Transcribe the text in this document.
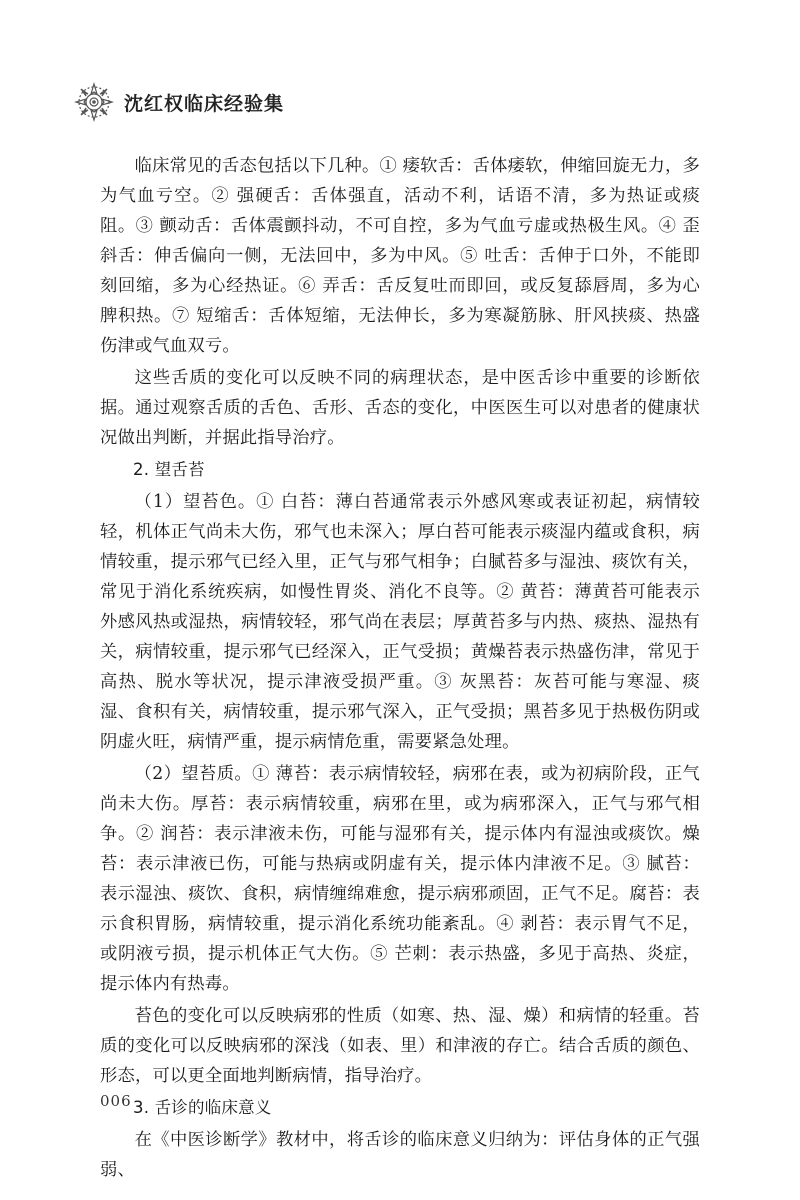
沈红权临床经验集

临床常见的舌态包括以下几种。① 痿软舌：舌体痿软，伸缩回旋无力，多为气血亏空。② 强硬舌：舌体强直，活动不利，话语不清，多为热证或痰阻。③ 颤动舌：舌体震颤抖动，不可自控，多为气血亏虚或热极生风。④ 歪斜舌：伸舌偏向一侧，无法回中，多为中风。⑤ 吐舌：舌伸于口外，不能即刻回缩，多为心经热证。⑥ 弄舌：舌反复吐而即回，或反复舔唇周，多为心脾积热。⑦ 短缩舌：舌体短缩，无法伸长，多为寒凝筋脉、肝风挟痰、热盛伤津或气血双亏。

这些舌质的变化可以反映不同的病理状态，是中医舌诊中重要的诊断依据。通过观察舌质的舌色、舌形、舌态的变化，中医医生可以对患者的健康状况做出判断，并据此指导治疗。

2. 望舌苔

（1）望苔色。① 白苔：薄白苔通常表示外感风寒或表证初起，病情较轻，机体正气尚未大伤，邪气也未深入；厚白苔可能表示痰湿内蕴或食积，病情较重，提示邪气已经入里，正气与邪气相争；白腻苔多与湿浊、痰饮有关，常见于消化系统疾病，如慢性胃炎、消化不良等。② 黄苔：薄黄苔可能表示外感风热或湿热，病情较轻，邪气尚在表层；厚黄苔多与内热、痰热、湿热有关，病情较重，提示邪气已经深入，正气受损；黄燥苔表示热盛伤津，常见于高热、脱水等状况，提示津液受损严重。③ 灰黑苔：灰苔可能与寒湿、痰湿、食积有关，病情较重，提示邪气深入，正气受损；黑苔多见于热极伤阴或阴虚火旺，病情严重，提示病情危重，需要紧急处理。

（2）望苔质。① 薄苔：表示病情较轻，病邪在表，或为初病阶段，正气尚未大伤。厚苔：表示病情较重，病邪在里，或为病邪深入，正气与邪气相争。② 润苔：表示津液未伤，可能与湿邪有关，提示体内有湿浊或痰饮。燥苔：表示津液已伤，可能与热病或阴虚有关，提示体内津液不足。③ 腻苔：表示湿浊、痰饮、食积，病情缠绵难愈，提示病邪顽固，正气不足。腐苔：表示食积胃肠，病情较重，提示消化系统功能紊乱。④ 剥苔：表示胃气不足，或阴液亏损，提示机体正气大伤。⑤ 芒刺：表示热盛，多见于高热、炎症，提示体内有热毒。

苔色的变化可以反映病邪的性质（如寒、热、湿、燥）和病情的轻重。苔质的变化可以反映病邪的深浅（如表、里）和津液的存亡。结合舌质的颜色、形态，可以更全面地判断病情，指导治疗。

3. 舌诊的临床意义

在《中医诊断学》教材中，将舌诊的临床意义归纳为：评估身体的正气强弱、

006
